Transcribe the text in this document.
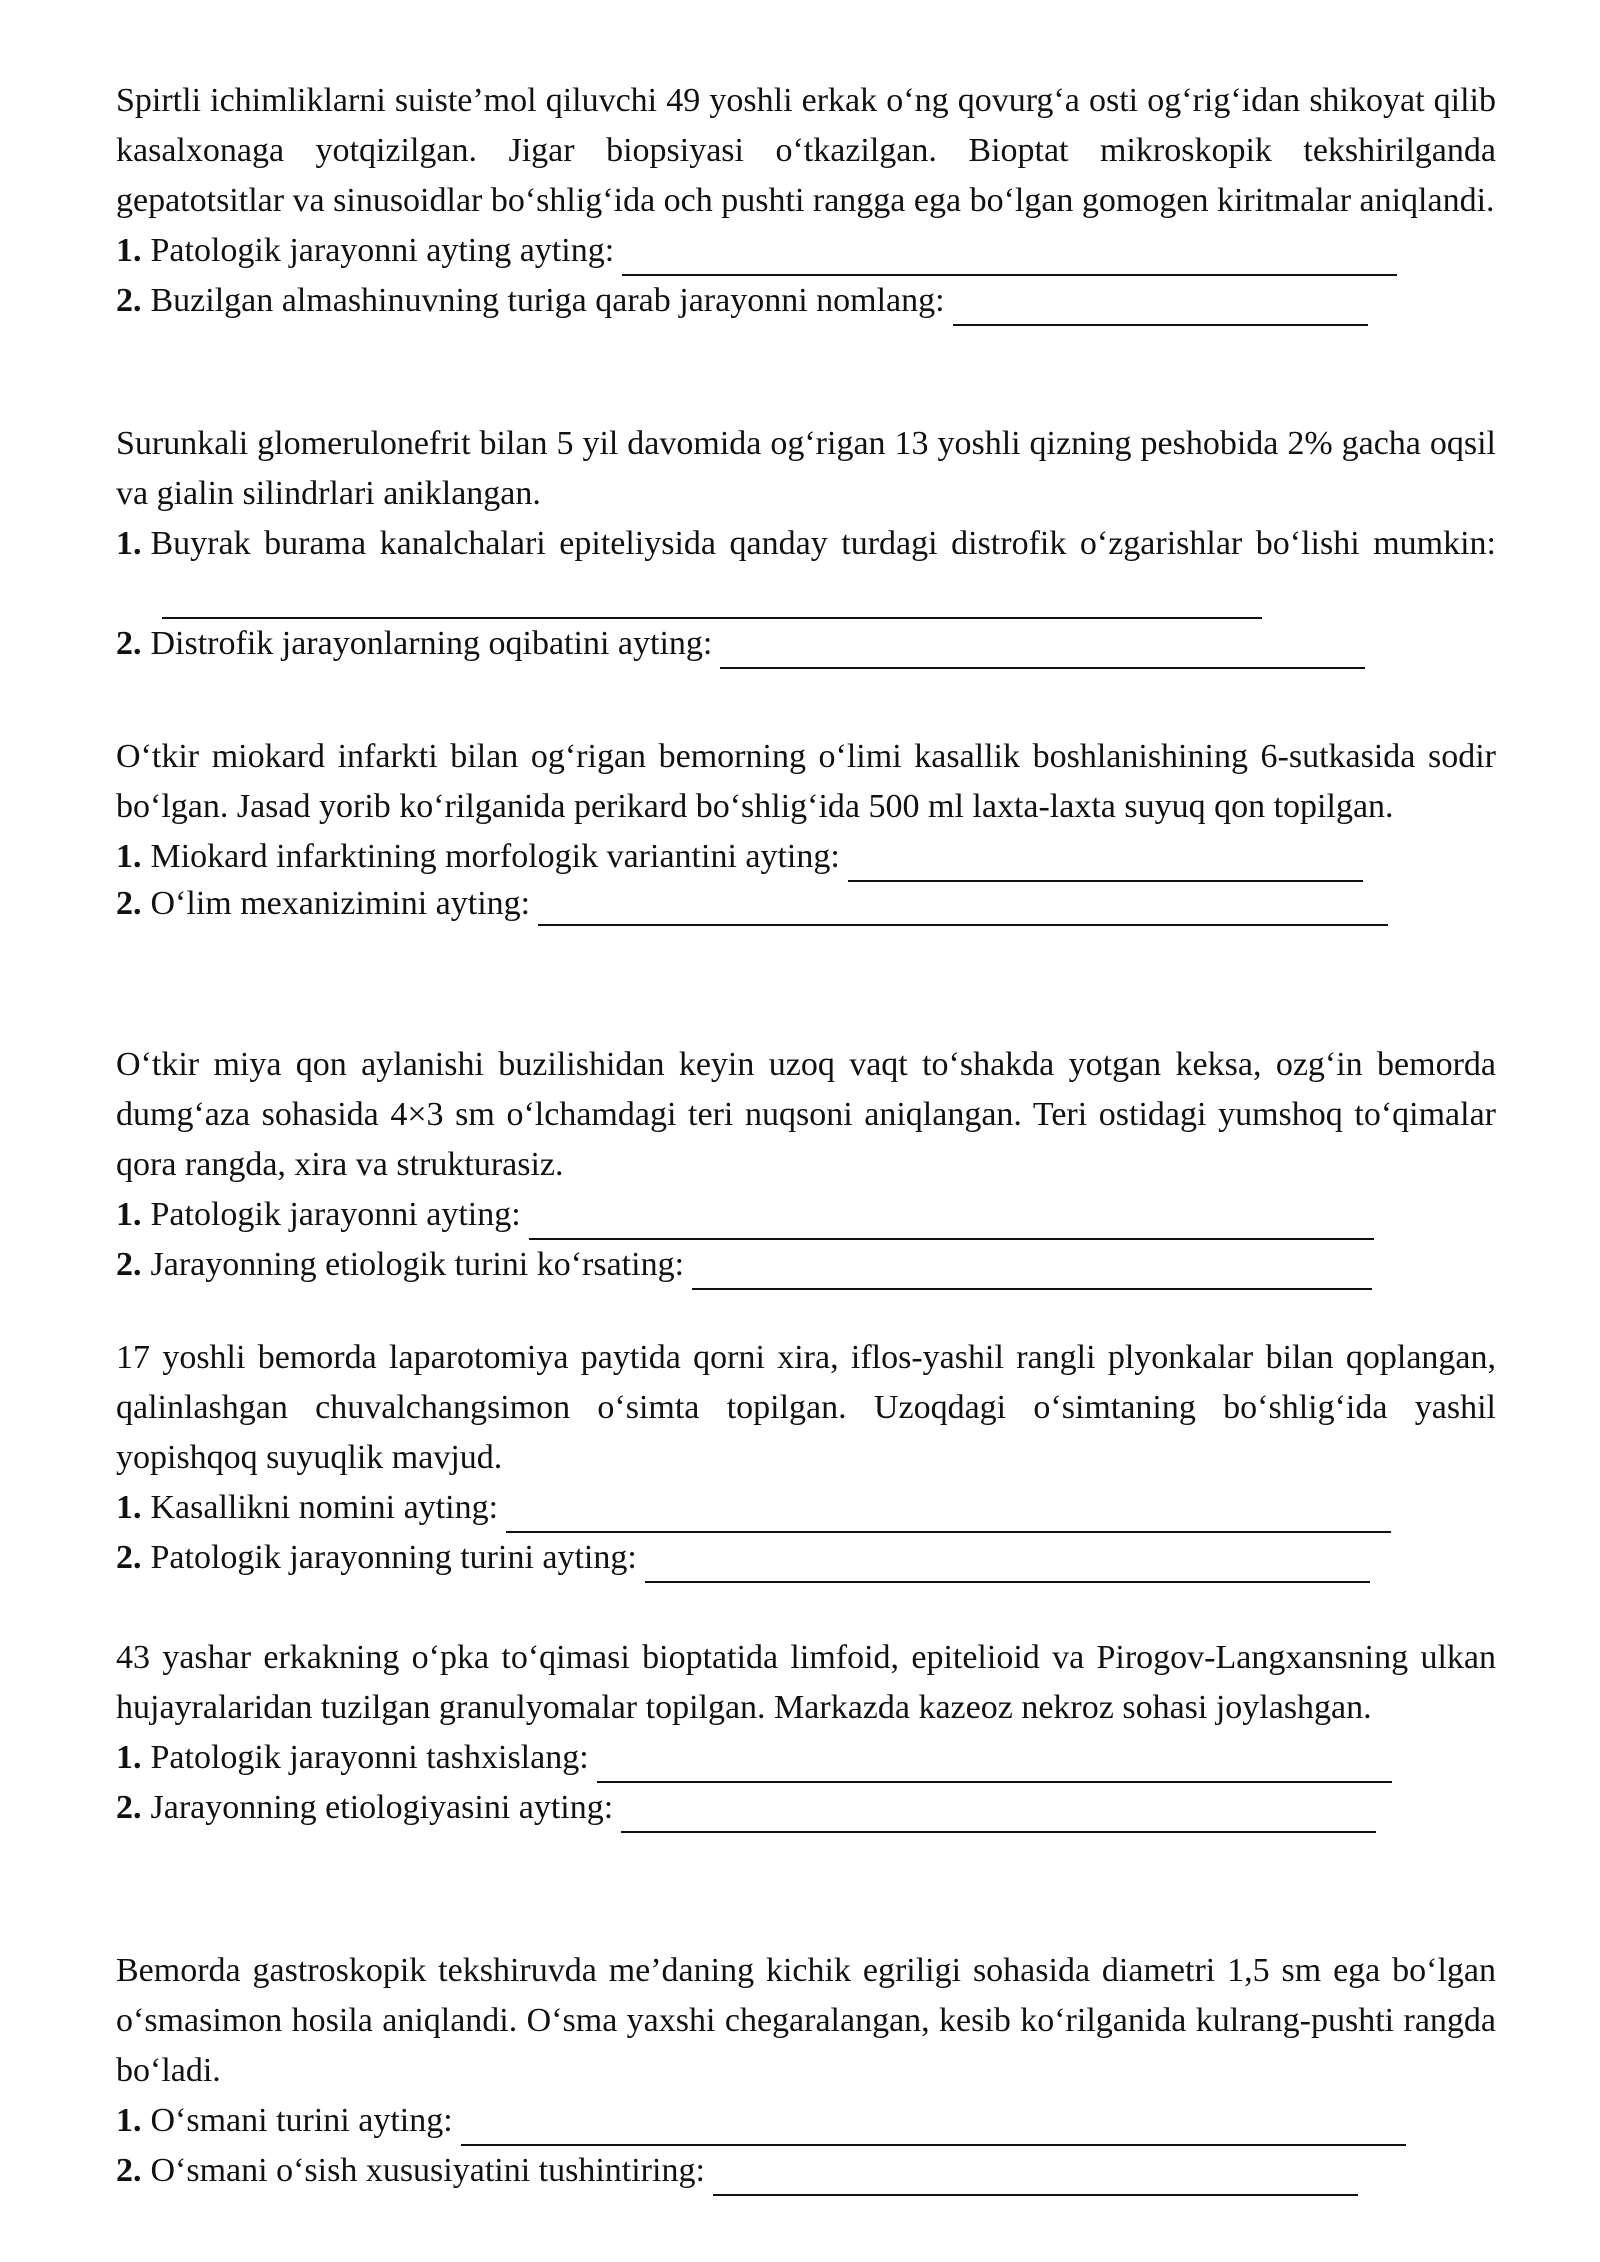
Spirtli ichimliklarni suiste’mol qiluvchi 49 yoshli erkak o‘ng qovurg‘a osti og‘rig‘idan shikoyat qilib kasalxonaga yotqizilgan. Jigar biopsiyasi o‘tkazilgan. Bioptat mikroskopik tekshirilganda gepatotsitlar va sinusoidlar bo‘shlig‘ida och pushti rangga ega bo‘lgan gomogen kiritmalar aniqlandi.

1. Patologik jarayonni ayting ayting:
2. Buzilgan almashinuvning turiga qarab jarayonni nomlang:

Surunkali glomerulonefrit bilan 5 yil davomida og‘rigan 13 yoshli qizning peshobida 2% gacha oqsil va gialin silindrlari aniklangan.

1. Buyrak burama kanalchalari epiteliysida qanday turdagi distrofik o‘zgarishlar bo‘lishi mumkin:
2. Distrofik jarayonlarning oqibatini ayting:

O‘tkir miokard infarkti bilan og‘rigan bemorning o‘limi kasallik boshlanishining 6-sutkasida sodir bo‘lgan. Jasad yorib ko‘rilganida perikard bo‘shlig‘ida 500 ml laxta-laxta suyuq qon topilgan.

1. Miokard infarktining morfologik variantini ayting:
2. O‘lim mexanizimini ayting:

O‘tkir miya qon aylanishi buzilishidan keyin uzoq vaqt to‘shakda yotgan keksa, ozg‘in bemorda dumg‘aza sohasida 4×3 sm o‘lchamdagi teri nuqsoni aniqlangan. Teri ostidagi yumshoq to‘qimalar qora rangda, xira va strukturasiz.

1. Patologik jarayonni ayting:
2. Jarayonning etiologik turini ko‘rsating:

17 yoshli bemorda laparotomiya paytida qorni xira, iflos-yashil rangli plyonkalar bilan qoplangan, qalinlashgan chuvalchangsimon o‘simta topilgan. Uzoqdagi o‘simtaning bo‘shlig‘ida yashil yopishqoq suyuqlik mavjud.

1. Kasallikni nomini ayting:
2. Patologik jarayonning turini ayting:

43 yashar erkakning o‘pka to‘qimasi bioptatida limfoid, epitelioid va Pirogov-Langxansning ulkan hujayralaridan tuzilgan granulyomalar topilgan. Markazda kazeoz nekroz sohasi joylashgan.

1. Patologik jarayonni tashxislang:
2. Jarayonning etiologiyasini ayting:

Bemorda gastroskopik tekshiruvda me’daning kichik egriligi sohasida diametri 1,5 sm ega bo‘lgan o‘smasimon hosila aniqlandi. O‘sma yaxshi chegaralangan, kesib ko‘rilganida kulrang-pushti rangda bo‘ladi.

1. O‘smani turini ayting:
2. O‘smani o‘sish xususiyatini tushintiring:
